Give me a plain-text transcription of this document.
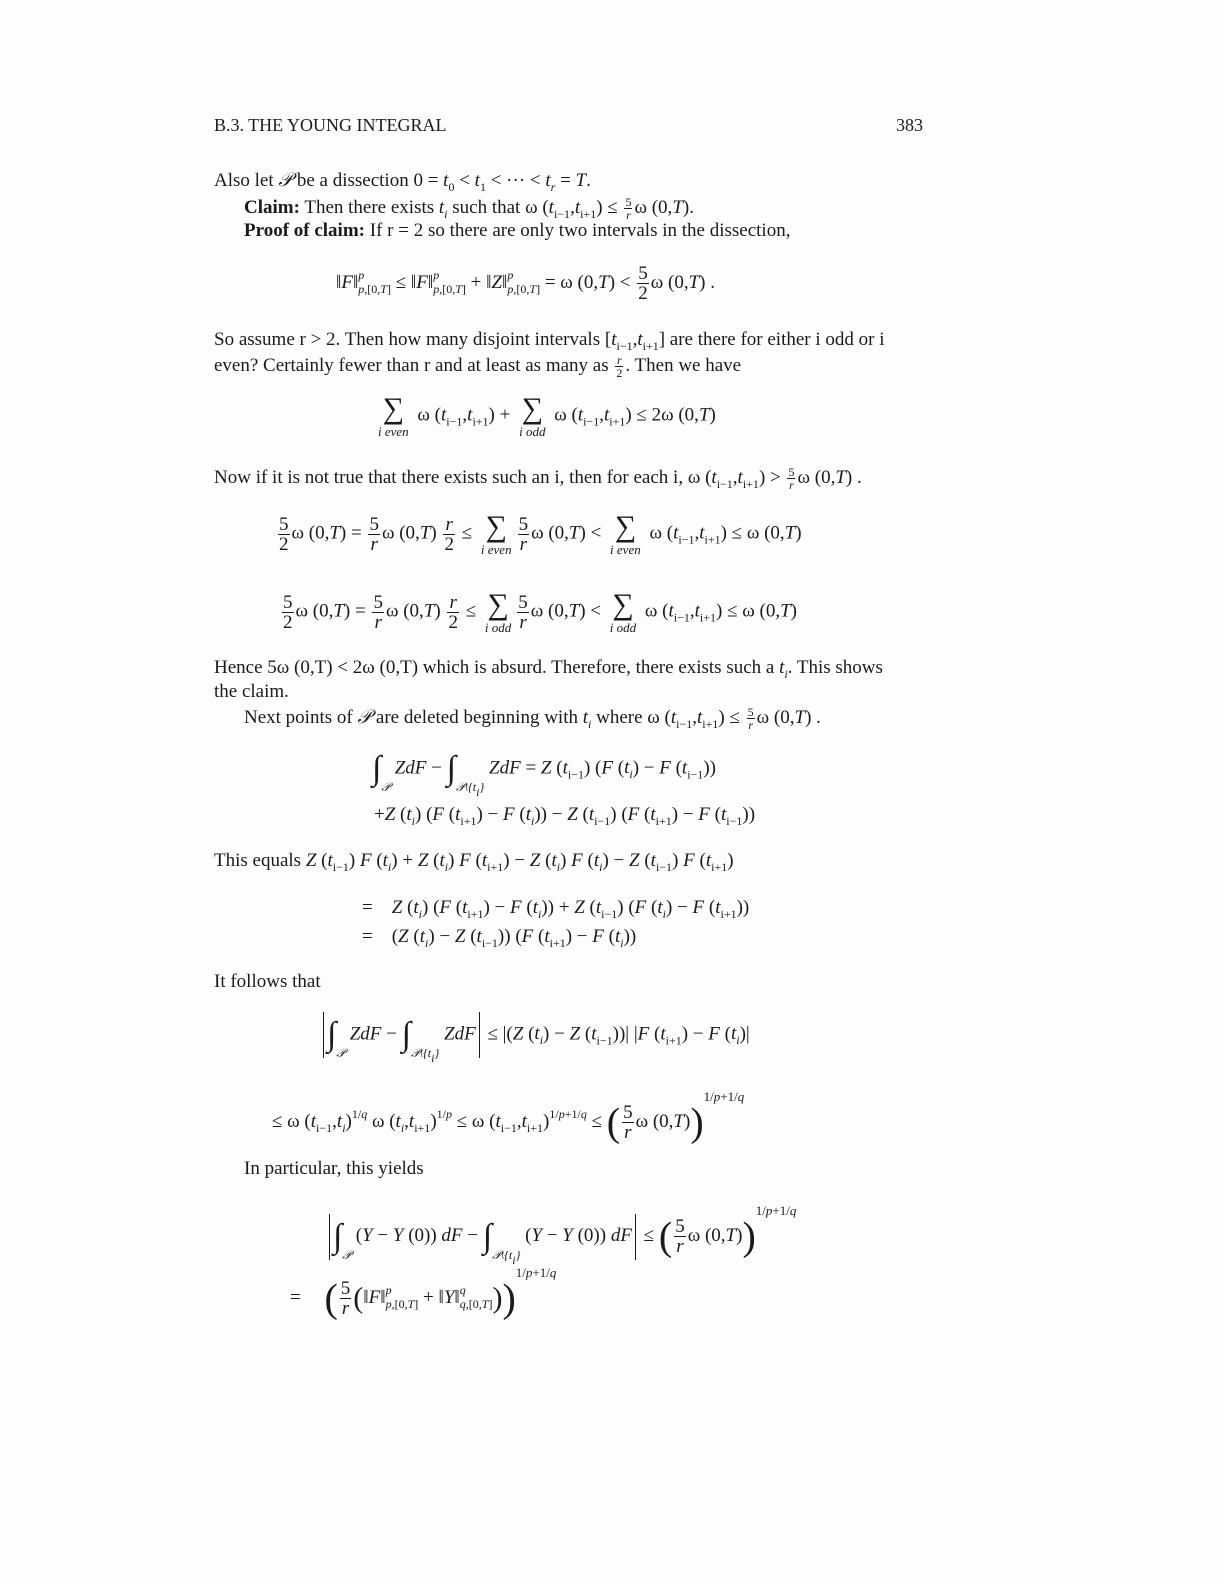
B.3. THE YOUNG INTEGRAL	383
Also let 𝒫 be a dissection $0 = t_0 < t_1$ < ··· < $t_r = T$.
Claim: Then there exists $t_i$ such that ω $(t_{i-1},t_{i+1}) \le \frac{5}{r}$ ω (0,T).
Proof of claim: If r = 2 so there are only two intervals in the dissection,
‖F‖$^p_{p,[0,T]}$ ≤ ‖F‖$^p_{p,[0,T]}$ + ‖Z‖$^p_{p,[0,T]}$ = ω $(0,T) < \frac{5}{2}$ ω (0,T) .
So assume r > 2. Then how many disjoint intervals $[t_{i-1},t_{i+1}]$ are there for either i odd or i
even? Certainly fewer than r and at least as many as $\frac{r}{2}$ . Then we have
∑
i even
ω $(t_{i-1},t_{i+1})$ + ∑
i odd
ω $(t_{i-1},t_{i+1}) \le 2\omega$ (0,T)
Now if it is not true that there exists such an i, then for each i, ω $(t_{i-1},t_{i+1}) > \frac{5}{r}$ ω (0,T) .
$\frac{5}{2}$ ω $(0,T) = \frac{5}{r}$ ω $(0,T) \frac{r}{2}$ ≤ ∑
i even $\frac{5}{r}$ ω (0,T) < ∑
i even
ω $(t_{i-1},t_{i+1}) \le \omega$ (0,T)
$\frac{5}{2}$ ω $(0,T) = \frac{5}{r}$ ω $(0,T) \frac{r}{2}$ ≤ ∑
i odd $\frac{5}{r}$ ω (0,T) < ∑
i odd
ω $(t_{i-1},t_{i+1}) \le \omega$ (0,T)
Hence 5ω (0,T) < 2ω (0,T) which is absurd. Therefore, there exists such a $t_i$. This shows
the claim.
Next points of 𝒫 are deleted beginning with $t_i$ where ω $(t_{i-1},t_{i+1}) \le \frac{5}{r}$ ω (0,T) .
$\int_𝒫$ ZdF − $\int_{𝒫\backslash\{ti\}}$ ZdF = Z $(t_{i-1})$ (F $(t_i) - F$ $(t_{i-1})$)
+Z $(t_i)$ (F $(t_{i+1}) - F$ $(t_i)) - Z$ $(t_{i-1})$ (F $(t_{i+1}) - F$ $(t_{i-1})$)
This equals Z $(t_{i-1})$ F $(t_i) + Z$ $(t_i)$ F $(t_{i+1}) - Z$ $(t_i)$ F $(t_i) - Z$ $(t_{i-1})$ F $(t_{i+1})$
=    Z $(t_i)$ (F $(t_{i+1}) - F$ $(t_i)) + Z$ $(t_{i-1})$ (F $(t_i) - F$ $(t_{i+1})$)
=    (Z $(t_i) - Z$ $(t_{i-1})$) (F $(t_{i+1}) - F$ $(t_i)$)
It follows that
$\int_𝒫$ ZdF − $\int_{𝒫\backslash\{ti\}}$ ZdF ≤ |(Z $(t_i) - Z$ $(t_{i-1}))|$ |F $(t_{i+1}) - F$ $(t_i)|$
≤ ω $(t_{i-1},t_i)^{1/q}$ ω $(t_i,t_{i+1})^{1/p} \le \omega$ $(t_{i-1},t_{i+1})^{1/p+1/q}$ ≤ ( $\frac{5}{r}$ ω (0,T))$^{1/p+1/q}$
In particular, this yields
$\int_𝒫$ (Y − Y (0)) dF − $\int_{𝒫\backslash\{ti\}}$ (Y − Y (0)) dF ≤ ( $\frac{5}{r}$ ω (0,T))$^{1/p+1/q}$
=     ( $\frac{5}{r}$ (‖F‖$^p_{p,[0,T]}$ + ‖Y‖$^q_{q,[0,T]}$))$^{1/p+1/q}$
